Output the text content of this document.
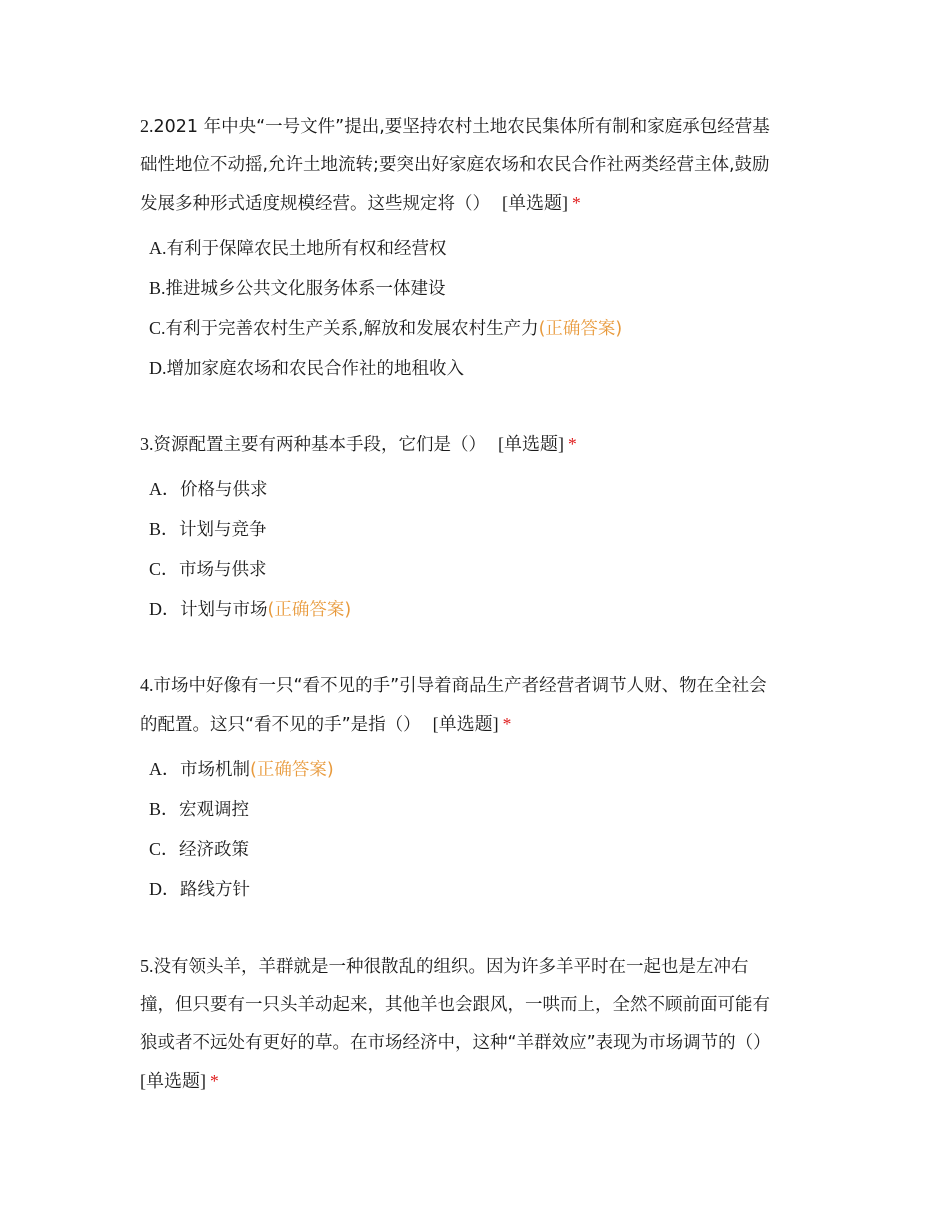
2.2021 年中央“一号文件”提出,要坚持农村土地农民集体所有制和家庭承包经营基
础性地位不动摇,允许土地流转;要突出好家庭农场和农民合作社两类经营主体,鼓励
发展多种形式适度规模经营。这些规定将（） [单选题] *

A.有利于保障农民土地所有权和经营权
B.推进城乡公共文化服务体系一体建设
C.有利于完善农村生产关系,解放和发展农村生产力(正确答案)
D.增加家庭农场和农民合作社的地租收入

3.资源配置主要有两种基本手段，它们是（） [单选题] *

A．价格与供求
B．计划与竞争
C．市场与供求
D．计划与市场(正确答案)

4.市场中好像有一只“看不见的手”引导着商品生产者经营者调节人财、物在全社会
的配置。这只“看不见的手”是指（） [单选题] *

A．市场机制(正确答案)
B．宏观调控
C．经济政策
D．路线方针

5.没有领头羊，羊群就是一种很散乱的组织。因为许多羊平时在一起也是左冲右
撞，但只要有一只头羊动起来，其他羊也会跟风，一哄而上，全然不顾前面可能有
狼或者不远处有更好的草。在市场经济中，这种“羊群效应”表现为市场调节的（）
[单选题] *
